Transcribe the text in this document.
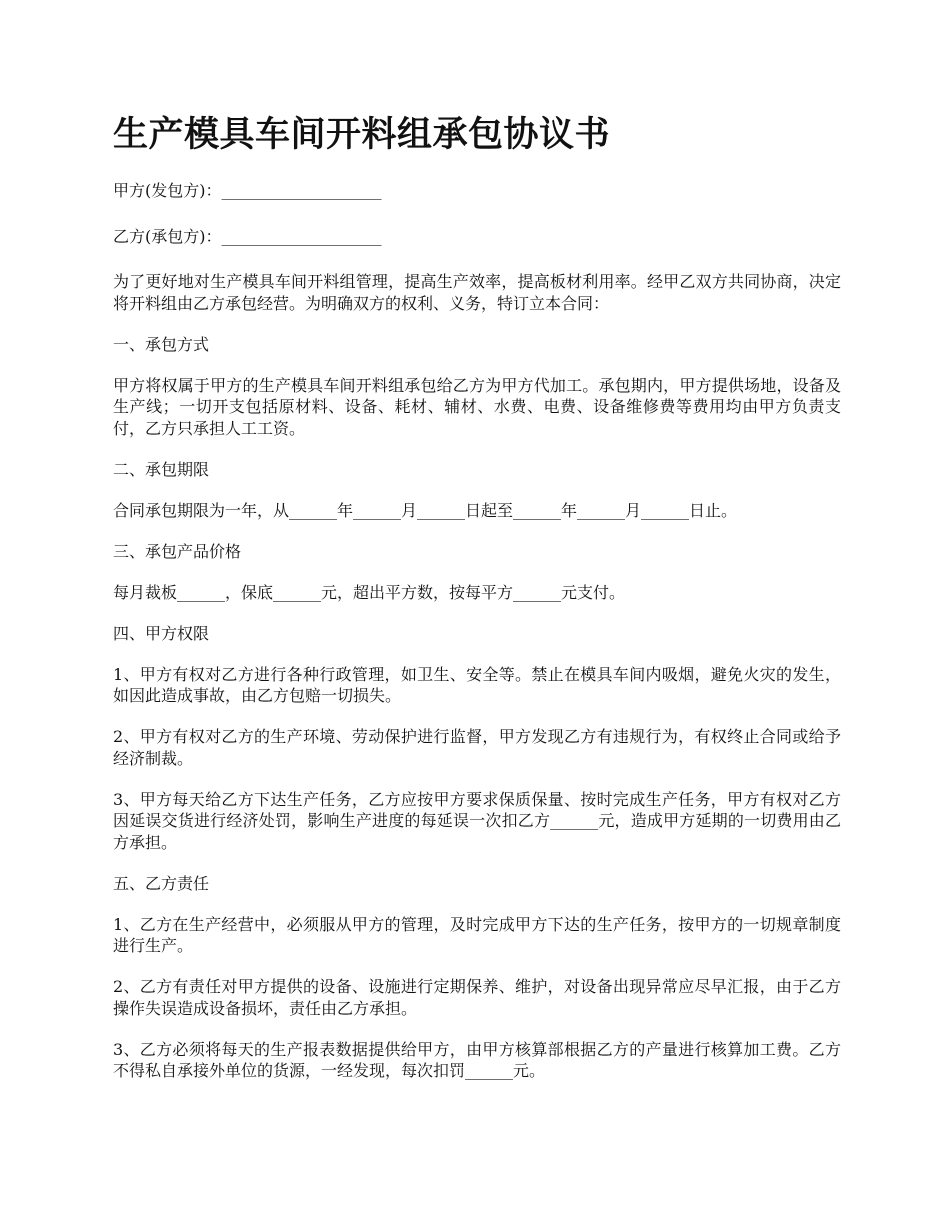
生产模具车间开料组承包协议书

甲方(发包方)：____________________

乙方(承包方)：____________________

为了更好地对生产模具车间开料组管理，提高生产效率，提高板材利用率。经甲乙双方共同协商，决定将开料组由乙方承包经营。为明确双方的权利、义务，特订立本合同：

一、承包方式

甲方将权属于甲方的生产模具车间开料组承包给乙方为甲方代加工。承包期内，甲方提供场地，设备及生产线；一切开支包括原材料、设备、耗材、辅材、水费、电费、设备维修费等费用均由甲方负责支付，乙方只承担人工工资。

二、承包期限

合同承包期限为一年，从______年______月______日起至______年______月______日止。

三、承包产品价格

每月裁板______，保底______元，超出平方数，按每平方______元支付。

四、甲方权限

1、甲方有权对乙方进行各种行政管理，如卫生、安全等。禁止在模具车间内吸烟，避免火灾的发生，如因此造成事故，由乙方包赔一切损失。

2、甲方有权对乙方的生产环境、劳动保护进行监督，甲方发现乙方有违规行为，有权终止合同或给予经济制裁。

3、甲方每天给乙方下达生产任务，乙方应按甲方要求保质保量、按时完成生产任务，甲方有权对乙方因延误交货进行经济处罚，影响生产进度的每延误一次扣乙方______元，造成甲方延期的一切费用由乙方承担。

五、乙方责任

1、乙方在生产经营中，必须服从甲方的管理，及时完成甲方下达的生产任务，按甲方的一切规章制度进行生产。

2、乙方有责任对甲方提供的设备、设施进行定期保养、维护，对设备出现异常应尽早汇报，由于乙方操作失误造成设备损坏，责任由乙方承担。

3、乙方必须将每天的生产报表数据提供给甲方，由甲方核算部根据乙方的产量进行核算加工费。乙方不得私自承接外单位的货源，一经发现，每次扣罚______元。
